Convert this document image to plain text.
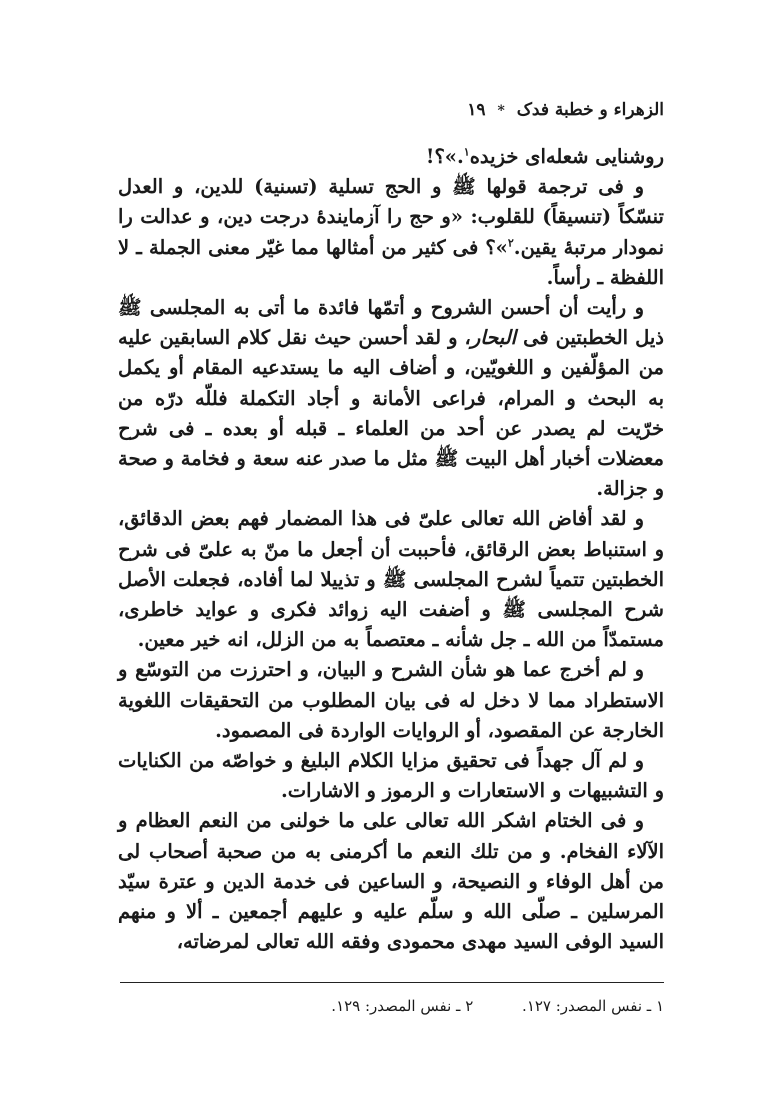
الزهراء و خطبة فدک * ١٩

روشنايى شعله‌اى خزيده$^١$.»؟!

و فى ترجمة قولها ﷺ و الحج تسلية (تسنية) للدين، و العدل تنسّكاً (تنسيقاً) للقلوب: «و حج را آزمايندهٔ درجت دين، و عدالت را نمودار مرتبهٔ يقين.$^٢$»؟ فى كثير من أمثالها مما غيّر معنى الجملة ـ لا اللفظة ـ رأساً.

و رأيت أن أحسن الشروح و أتمّها فائدة ما أتى به المجلسى ﷺ ذيل الخطبتين فى البحار، و لقد أحسن حيث نقل كلام السابقين عليه من المؤلّفين و اللغويّين، و أضاف اليه ما يستدعيه المقام أو يكمل به البحث و المرام، فراعى الأمانة و أجاد التكملة فللّه درّه من خرّيت لم يصدر عن أحد من العلماء ـ قبله أو بعده ـ فى شرح معضلات أخبار أهل البيت ﷺ مثل ما صدر عنه سعة و فخامة و صحة و جزالة.

و لقد أفاض الله تعالى علىّ فى هذا المضمار فهم بعض الدقائق، و استنباط بعض الرقائق، فأحببت أن أجعل ما منّ به علىّ فى شرح الخطبتين تتمياً لشرح المجلسى ﷺ و تذييلا لما أفاده، فجعلت الأصل شرح المجلسى ﷺ و أضفت اليه زوائد فكرى و عوايد خاطرى، مستمدّاً من الله ـ جل شأنه ـ معتصماً به من الزلل، انه خير معين.

و لم أخرج عما هو شأن الشرح و البيان، و احترزت من التوسّع و الاستطراد مما لا دخل له فى بيان المطلوب من التحقيقات اللغوية الخارجة عن المقصود، أو الروايات الواردة فى المصمود.

و لم آل جهداً فى تحقيق مزايا الكلام البليغ و خواصّه من الكنايات و التشبيهات و الاستعارات و الرموز و الاشارات.

و فى الختام اشكر الله تعالى على ما خولنى من النعم العظام و الآلاء الفخام. و من تلك النعم ما أكرمنى به من صحبة أصحاب لى من أهل الوفاء و النصيحة، و الساعين فى خدمة الدين و عترة سيّد المرسلين ـ صلّى الله و سلّم عليه و عليهم أجمعين ـ ألا و منهم السيد الوفى السيد مهدى محمودى وفقه الله تعالى لمرضاته،

١ ـ نفس المصدر: ١٢٧. ٢ ـ نفس المصدر: ١٢٩.
